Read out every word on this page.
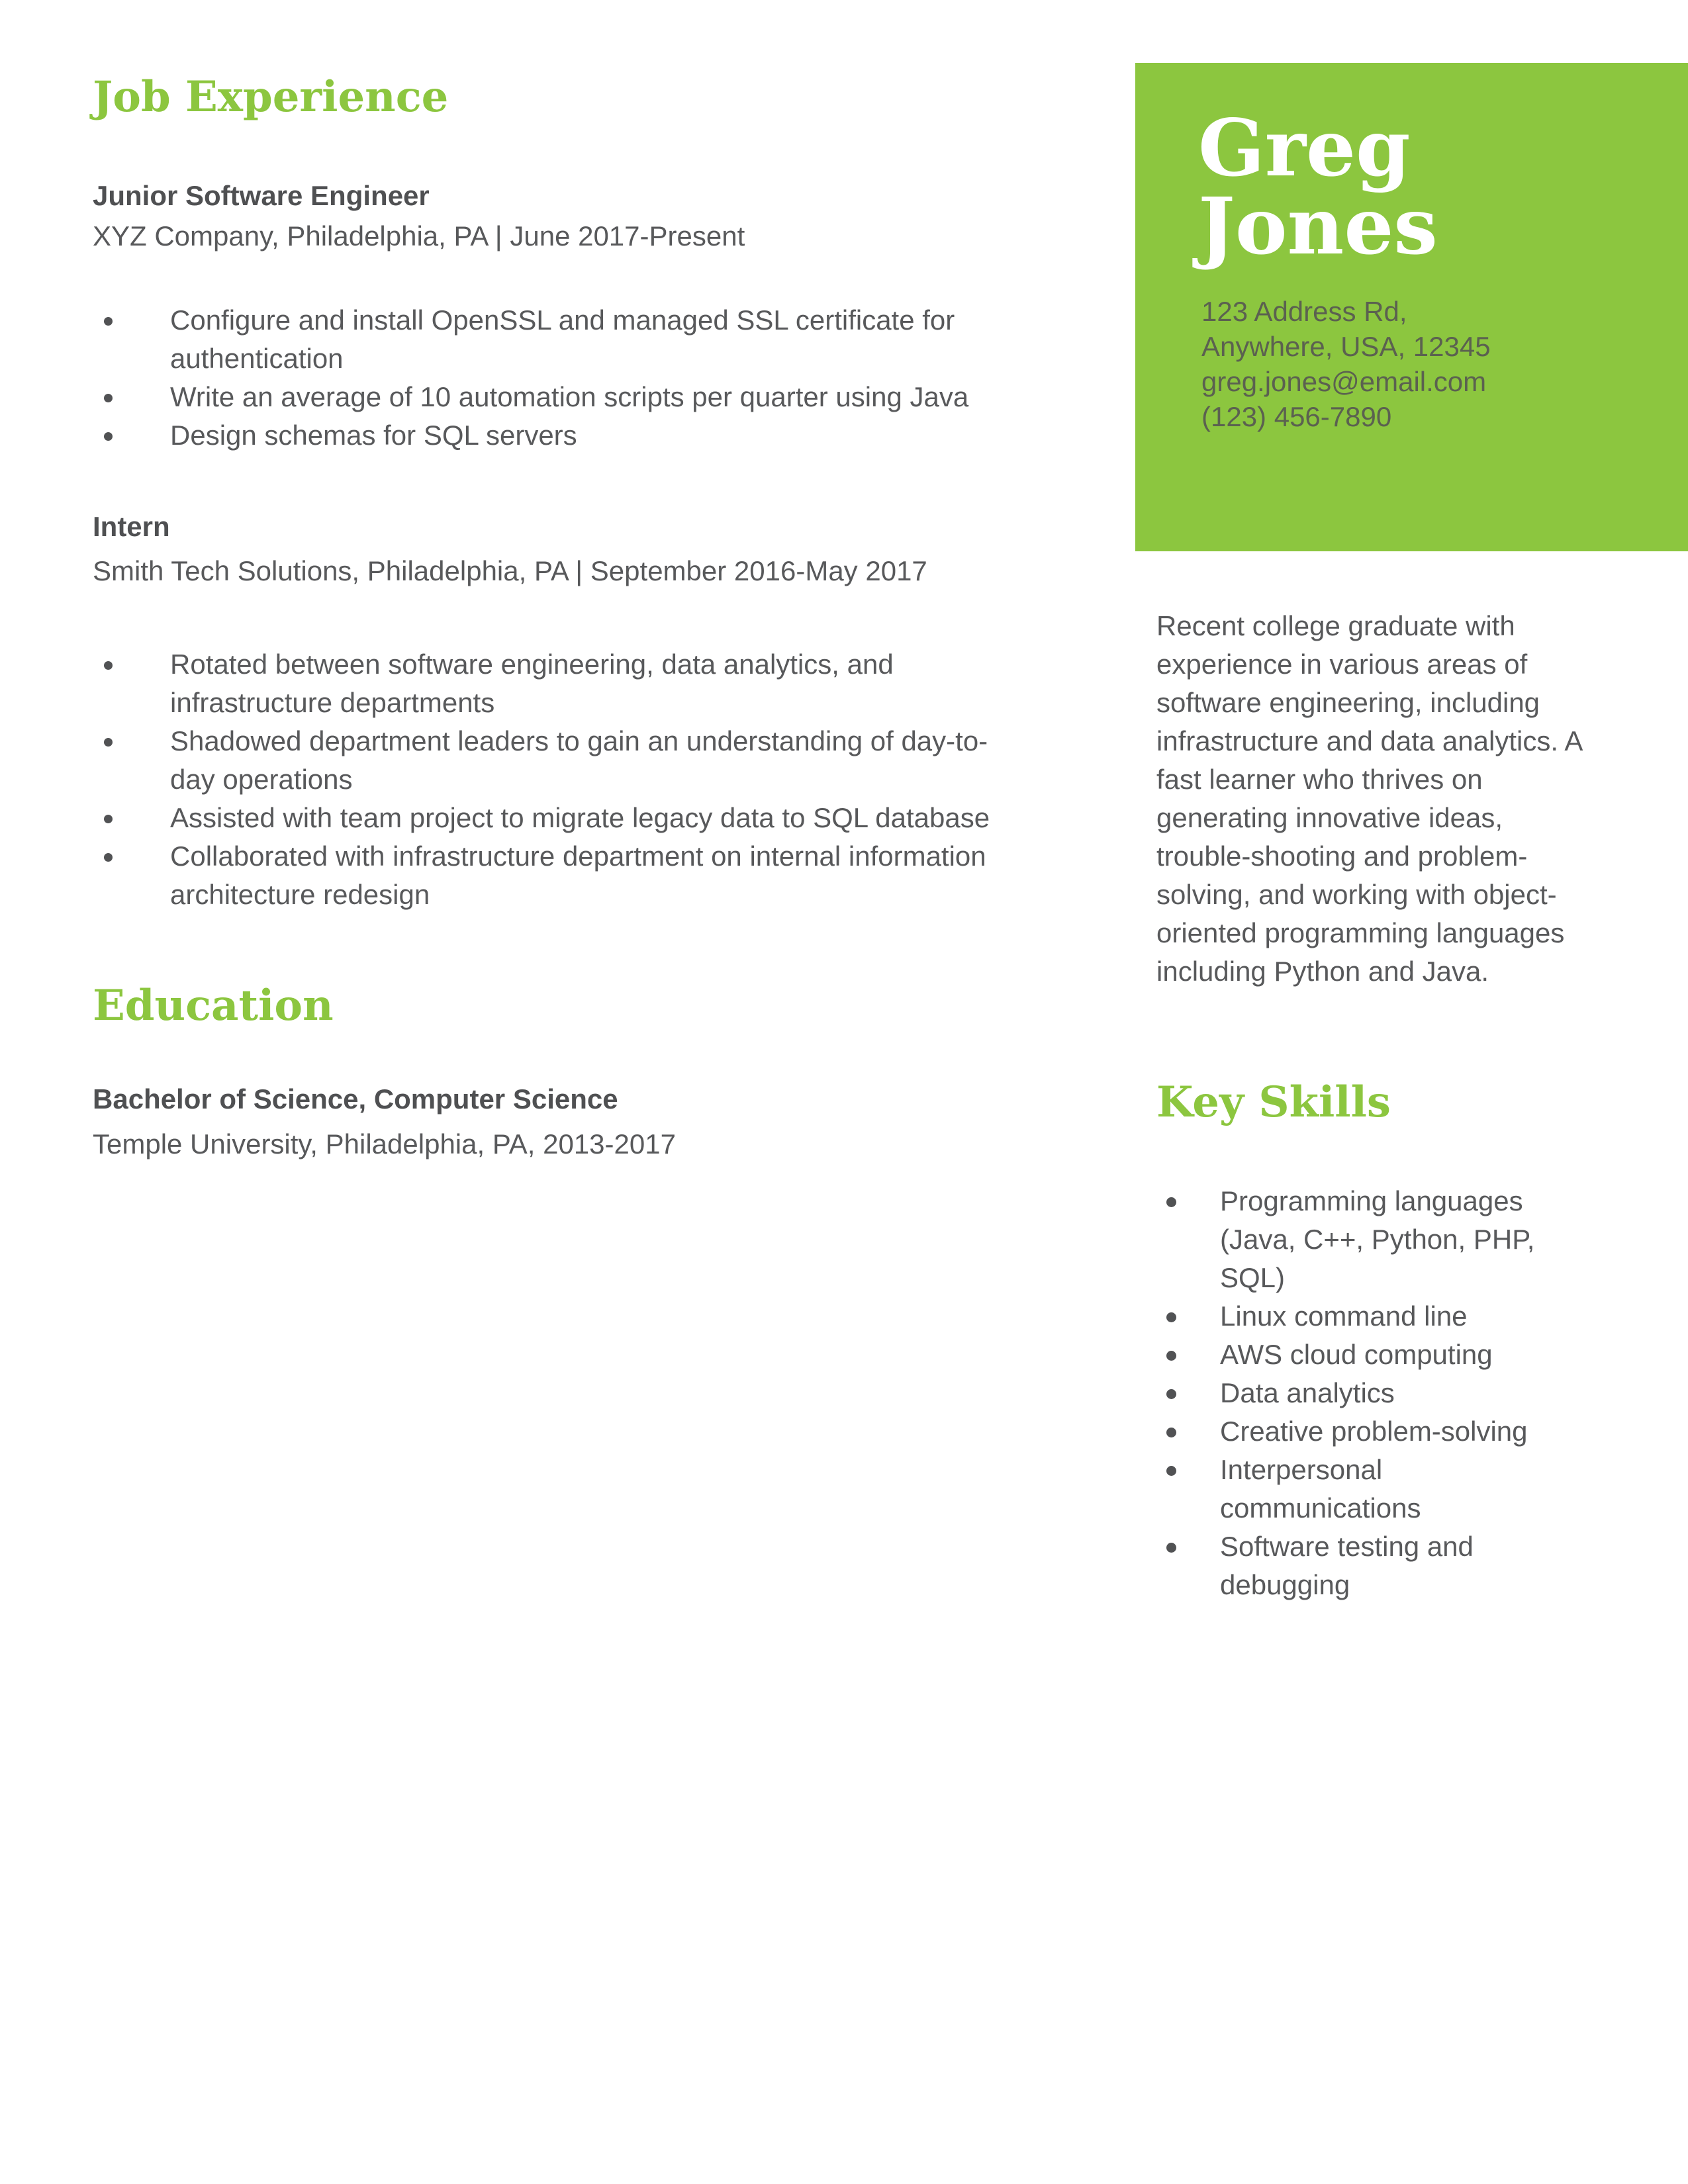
Job Experience
Junior Software Engineer
XYZ Company, Philadelphia, PA | June 2017-Present
Configure and install OpenSSL and managed SSL certificate for authentication
Write an average of 10 automation scripts per quarter using Java
Design schemas for SQL servers
Intern
Smith Tech Solutions, Philadelphia, PA | September 2016-May 2017
Rotated between software engineering, data analytics, and infrastructure departments
Shadowed department leaders to gain an understanding of day-to-day operations
Assisted with team project to migrate legacy data to SQL database
Collaborated with infrastructure department on internal information architecture redesign
Education
Bachelor of Science, Computer Science
Temple University, Philadelphia, PA, 2013-2017
Greg
Jones
123 Address Rd,
Anywhere, USA, 12345
greg.jones@email.com
(123) 456-7890
Recent college graduate with experience in various areas of software engineering, including infrastructure and data analytics. A fast learner who thrives on generating innovative ideas, trouble-shooting and problem-solving, and working with object-oriented programming languages including Python and Java.
Key Skills
Programming languages (Java, C++, Python, PHP, SQL)
Linux command line
AWS cloud computing
Data analytics
Creative problem-solving
Interpersonal communications
Software testing and debugging
